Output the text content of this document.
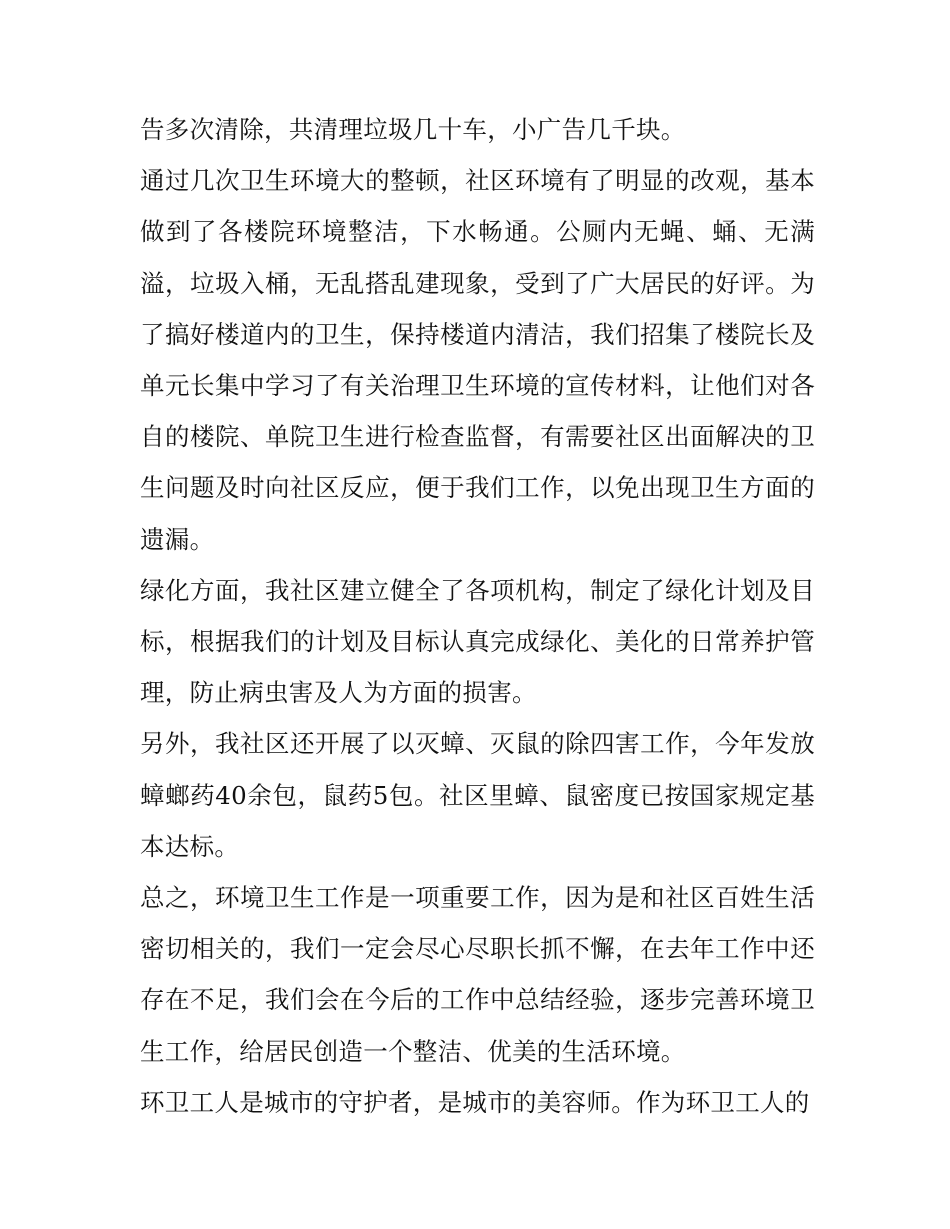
告多次清除，共清理垃圾几十车，小广告几千块。

通过几次卫生环境大的整顿，社区环境有了明显的改观，基本做到了各楼院环境整洁，下水畅通。公厕内无蝇、蛹、无满溢，垃圾入桶，无乱搭乱建现象，受到了广大居民的好评。为了搞好楼道内的卫生，保持楼道内清洁，我们招集了楼院长及单元长集中学习了有关治理卫生环境的宣传材料，让他们对各自的楼院、单院卫生进行检查监督，有需要社区出面解决的卫生问题及时向社区反应，便于我们工作，以免出现卫生方面的遗漏。

绿化方面，我社区建立健全了各项机构，制定了绿化计划及目标，根据我们的计划及目标认真完成绿化、美化的日常养护管理，防止病虫害及人为方面的损害。

另外，我社区还开展了以灭蟑、灭鼠的除四害工作，今年发放蟑螂药40余包，鼠药5包。社区里蟑、鼠密度已按国家规定基本达标。

总之，环境卫生工作是一项重要工作，因为是和社区百姓生活密切相关的，我们一定会尽心尽职长抓不懈，在去年工作中还存在不足，我们会在今后的工作中总结经验，逐步完善环境卫生工作，给居民创造一个整洁、优美的生活环境。

环卫工人是城市的守护者，是城市的美容师。作为环卫工人的
